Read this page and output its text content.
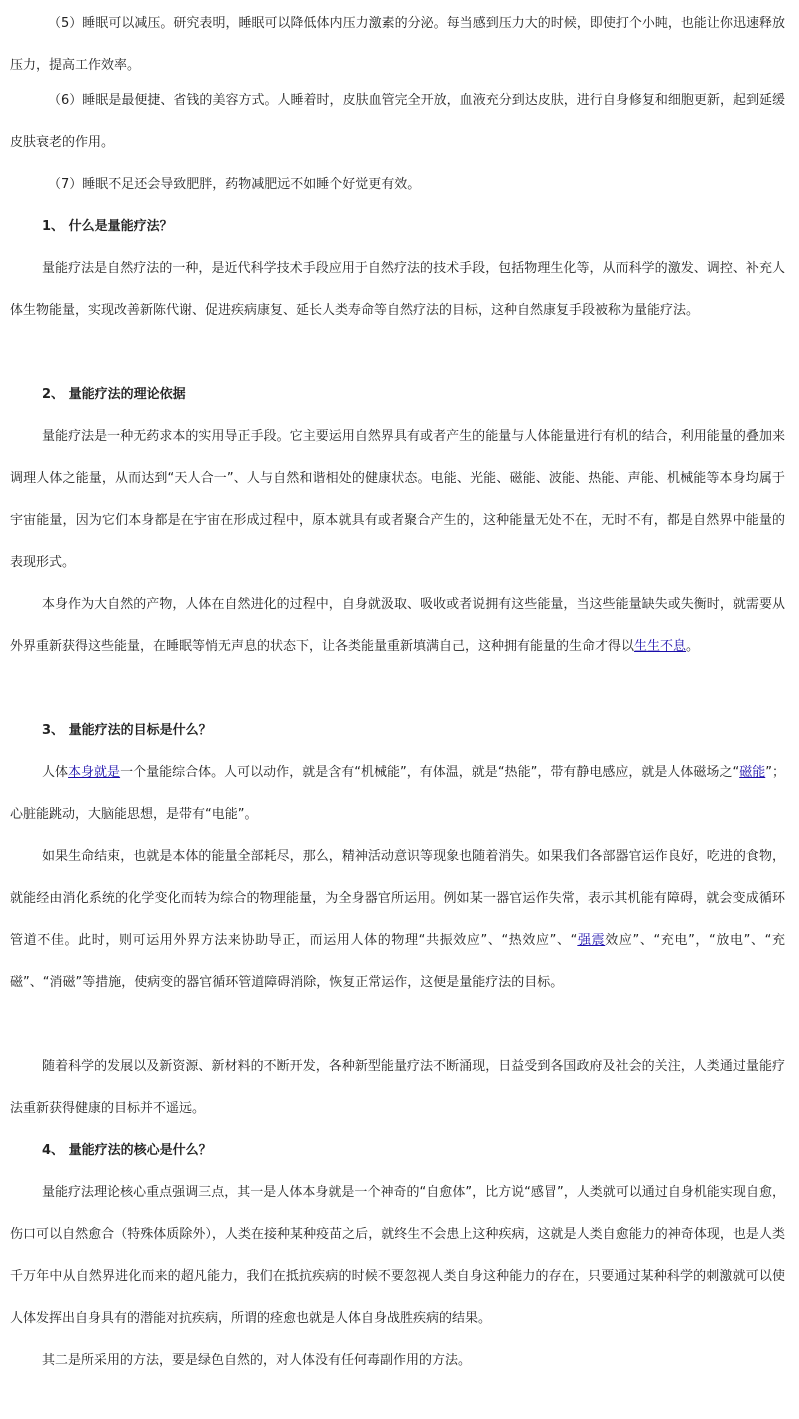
（5）睡眠可以减压。研究表明，睡眠可以降低体内压力激素的分泌。每当感到压力大的时候，即使打个小盹，也能让你迅速释放压力，提高工作效率。

（6）睡眠是最便捷、省钱的美容方式。人睡着时，皮肤血管完全开放，血液充分到达皮肤，进行自身修复和细胞更新，起到延缓皮肤衰老的作用。

（7）睡眠不足还会导致肥胖，药物减肥远不如睡个好觉更有效。

1、 什么是量能疗法？

量能疗法是自然疗法的一种，是近代科学技术手段应用于自然疗法的技术手段，包括物理生化等，从而科学的激发、调控、补充人体生物能量，实现改善新陈代谢、促进疾病康复、延长人类寿命等自然疗法的目标，这种自然康复手段被称为量能疗法。

2、 量能疗法的理论依据

量能疗法是一种无药求本的实用导正手段。它主要运用自然界具有或者产生的能量与人体能量进行有机的结合，利用能量的叠加来调理人体之能量，从而达到“天人合一”、人与自然和谐相处的健康状态。电能、光能、磁能、波能、热能、声能、机械能等本身均属于宇宙能量，因为它们本身都是在宇宙在形成过程中，原本就具有或者聚合产生的，这种能量无处不在，无时不有，都是自然界中能量的表现形式。

本身作为大自然的产物，人体在自然进化的过程中，自身就汲取、吸收或者说拥有这些能量，当这些能量缺失或失衡时，就需要从外界重新获得这些能量，在睡眠等悄无声息的状态下，让各类能量重新填满自己，这种拥有能量的生命才得以生生不息。

3、 量能疗法的目标是什么？

人体本身就是一个量能综合体。人可以动作，就是含有“机械能”，有体温，就是“热能”，带有静电感应，就是人体磁场之“磁能”；心脏能跳动，大脑能思想，是带有“电能”。

如果生命结束，也就是本体的能量全部耗尽，那么，精神活动意识等现象也随着消失。如果我们各部器官运作良好，吃进的食物，就能经由消化系统的化学变化而转为综合的物理能量，为全身器官所运用。例如某一器官运作失常，表示其机能有障碍，就会变成循环管道不佳。此时，则可运用外界方法来协助导正，而运用人体的物理“共振效应”、“热效应”、“强震效应”、“充电”，“放电”、“充磁”、“消磁”等措施，使病变的器官循环管道障碍消除，恢复正常运作，这便是量能疗法的目标。

随着科学的发展以及新资源、新材料的不断开发，各种新型能量疗法不断涌现，日益受到各国政府及社会的关注，人类通过量能疗法重新获得健康的目标并不遥远。

4、 量能疗法的核心是什么？

量能疗法理论核心重点强调三点，其一是人体本身就是一个神奇的“自愈体”，比方说“感冒”，人类就可以通过自身机能实现自愈，伤口可以自然愈合（特殊体质除外），人类在接种某种疫苗之后，就终生不会患上这种疾病，这就是人类自愈能力的神奇体现，也是人类千万年中从自然界进化而来的超凡能力，我们在抵抗疾病的时候不要忽视人类自身这种能力的存在，只要通过某种科学的刺激就可以使人体发挥出自身具有的潜能对抗疾病，所谓的痊愈也就是人体自身战胜疾病的结果。

其二是所采用的方法，要是绿色自然的，对人体没有任何毒副作用的方法。
